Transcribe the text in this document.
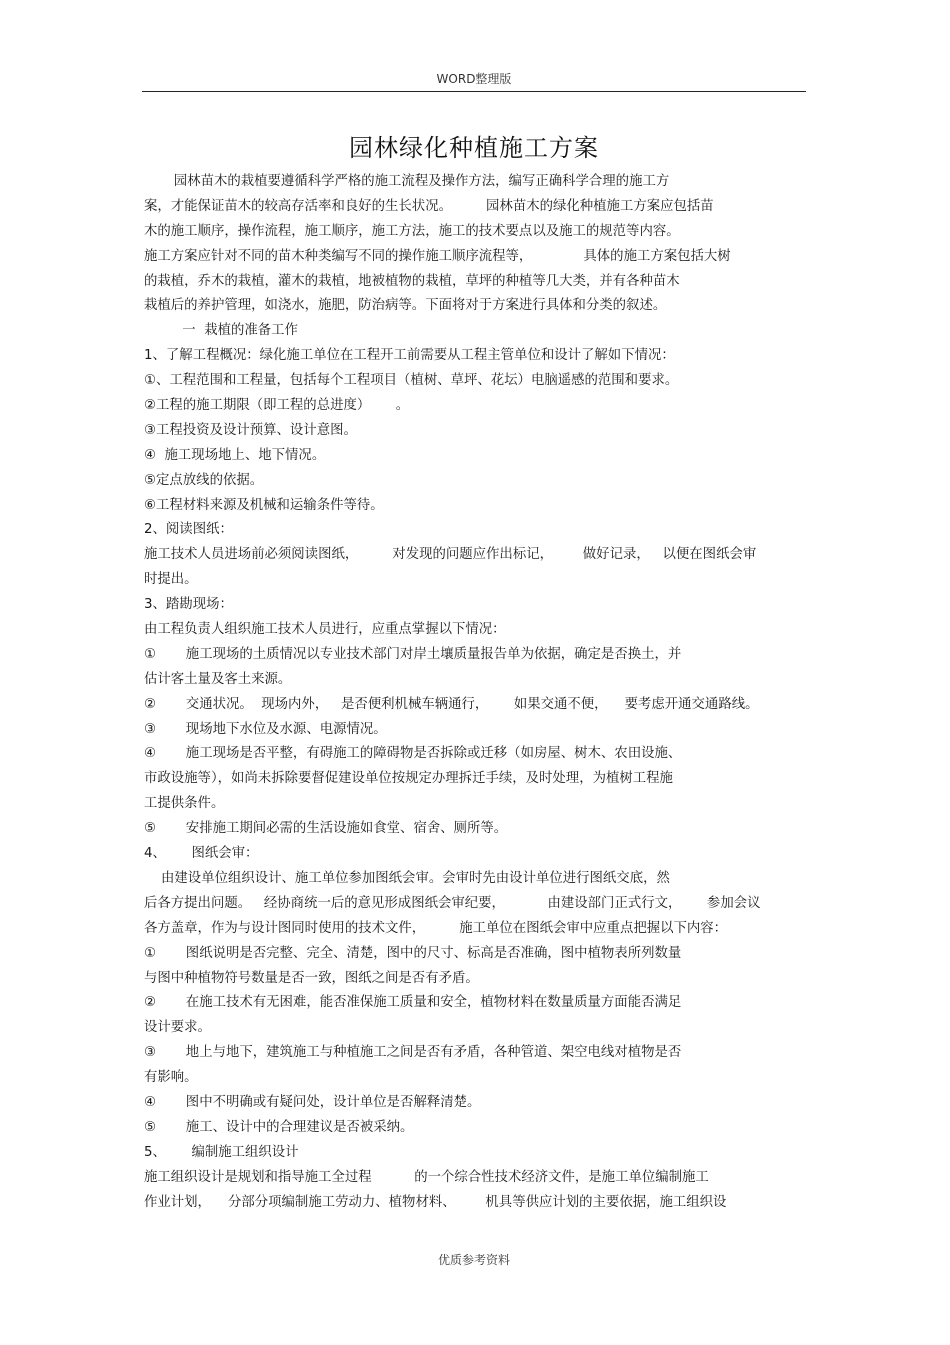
WORD整理版
园林绿化种植施工方案
园林苗木的栽植要遵循科学严格的施工流程及操作方法，编写正确科学合理的施工方
案，才能保证苗木的较高存活率和良好的生长状况。        园林苗木的绿化种植施工方案应包括苗
木的施工顺序，操作流程，施工顺序，施工方法，施工的技术要点以及施工的规范等内容。
施工方案应针对不同的苗木种类编写不同的操作施工顺序流程等，            具体的施工方案包括大树
的栽植，乔木的栽植，灌木的栽植，地被植物的栽植，草坪的种植等几大类，并有各种苗木
栽植后的养护管理，如浇水，施肥，防治病等。下面将对于方案进行具体和分类的叙述。
一  栽植的准备工作
1、了解工程概况：绿化施工单位在工程开工前需要从工程主管单位和设计了解如下情况：
①、工程范围和工程量，包括每个工程项目（植树、草坪、花坛）电脑遥感的范围和要求。
②工程的施工期限（即工程的总进度）      。
③工程投资及设计预算、设计意图。
④  施工现场地上、地下情况。
⑤定点放线的依据。
⑥工程材料来源及机械和运输条件等待。
2、阅读图纸：
施工技术人员进场前必须阅读图纸，        对发现的问题应作出标记，       做好记录，   以便在图纸会审
时提出。
3、踏勘现场：
由工程负责人组织施工技术人员进行，应重点掌握以下情况：
①       施工现场的土质情况以专业技术部门对岸土壤质量报告单为依据，确定是否换土，并
估计客土量及客土来源。
②       交通状况。  现场内外，   是否便利机械车辆通行，      如果交通不便，    要考虑开通交通路线。
③       现场地下水位及水源、电源情况。
④       施工现场是否平整，有碍施工的障碍物是否拆除或迁移（如房屋、树木、农田设施、
市政设施等），如尚未拆除要督促建设单位按规定办理拆迁手续，及时处理，为植树工程施
工提供条件。
⑤       安排施工期间必需的生活设施如食堂、宿舍、厕所等。
4、      图纸会审：
由建设单位组织设计、施工单位参加图纸会审。会审时先由设计单位进行图纸交底，然
后各方提出问题。   经协商统一后的意见形成图纸会审纪要，          由建设部门正式行文，      参加会议
各方盖章，作为与设计图同时使用的技术文件，        施工单位在图纸会审中应重点把握以下内容：
①       图纸说明是否完整、完全、清楚，图中的尺寸、标高是否准确，图中植物表所列数量
与图中种植物符号数量是否一致，图纸之间是否有矛盾。
②       在施工技术有无困难，能否准保施工质量和安全，植物材料在数量质量方面能否满足
设计要求。
③       地上与地下，建筑施工与种植施工之间是否有矛盾，各种管道、架空电线对植物是否
有影响。
④       图中不明确或有疑问处，设计单位是否解释清楚。
⑤       施工、设计中的合理建议是否被采纳。
5、      编制施工组织设计
施工组织设计是规划和指导施工全过程          的一个综合性技术经济文件，是施工单位编制施工
作业计划，    分部分项编制施工劳动力、植物材料、       机具等供应计划的主要依据，施工组织设
优质参考资料
